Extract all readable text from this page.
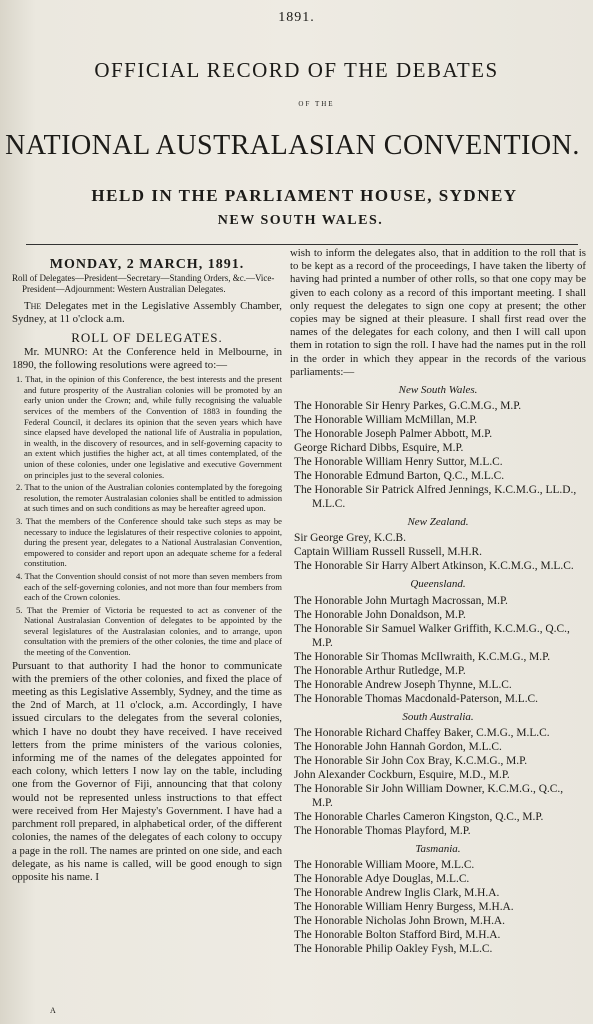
1891.
OFFICIAL RECORD OF THE DEBATES
OF THE
NATIONAL AUSTRALASIAN CONVENTION.
HELD IN THE PARLIAMENT HOUSE, SYDNEY
NEW SOUTH WALES.
MONDAY, 2 MARCH, 1891.
Roll of Delegates—President—Secretary—Standing Orders, &c.—Vice-President—Adjournment: Western Australian Delegates.
The Delegates met in the Legislative Assembly Chamber, Sydney, at 11 o'clock a.m.
ROLL OF DELEGATES.
Mr. MUNRO: At the Conference held in Melbourne, in 1890, the following resolutions were agreed to:—
1. That, in the opinion of this Conference, the best interests and the present and future prosperity of the Australian colonies will be promoted by an early union under the Crown; and, while fully recognising the valuable services of the members of the Convention of 1883 in founding the Federal Council, it declares its opinion that the seven years which have since elapsed have developed the national life of Australia in population, in wealth, in the discovery of resources, and in self-governing capacity to an extent which justifies the higher act, at all times contemplated, of the union of these colonies, under one legislative and executive Government on principles just to the several colonies.
2. That to the union of the Australian colonies contemplated by the foregoing resolution, the remoter Australasian colonies shall be entitled to admission at such times and on such conditions as may be hereafter agreed upon.
3. That the members of the Conference should take such steps as may be necessary to induce the legislatures of their respective colonies to appoint, during the present year, delegates to a National Australasian Convention, empowered to consider and report upon an adequate scheme for a federal constitution.
4. That the Convention should consist of not more than seven members from each of the self-governing colonies, and not more than four members from each of the Crown colonies.
5. That the Premier of Victoria be requested to act as convener of the National Australasian Convention of delegates to be appointed by the several legislatures of the Australasian colonies, and to arrange, upon consultation with the premiers of the other colonies, the time and place of the meeting of the Convention.
Pursuant to that authority I had the honor to communicate with the premiers of the other colonies, and fixed the place of meeting as this Legislative Assembly, Sydney, and the time as the 2nd of March, at 11 o'clock, a.m. Accordingly, I have issued circulars to the delegates from the several colonies, which I have no doubt they have received. I have received letters from the prime ministers of the various colonies, informing me of the names of the delegates appointed for each colony, which letters I now lay on the table, including one from the Governor of Fiji, announcing that that colony would not be represented unless instructions to that effect were received from Her Majesty's Government. I have had a parchment roll prepared, in alphabetical order, of the different colonies, the names of the delegates of each colony to occupy a page in the roll. The names are printed on one side, and each delegate, as his name is called, will be good enough to sign opposite his name. I
A
wish to inform the delegates also, that in addition to the roll that is to be kept as a record of the proceedings, I have taken the liberty of having had printed a number of other rolls, so that one copy may be given to each colony as a record of this important meeting. I shall only request the delegates to sign one copy at present; the other copies may be signed at their pleasure. I shall first read over the names of the delegates for each colony, and then I will call upon them in rotation to sign the roll. I have had the names put in the roll in the order in which they appear in the records of the various parliaments:—
New South Wales.
The Honorable Sir Henry Parkes, G.C.M.G., M.P.
The Honorable William McMillan, M.P.
The Honorable Joseph Palmer Abbott, M.P.
George Richard Dibbs, Esquire, M.P.
The Honorable William Henry Suttor, M.L.C.
The Honorable Edmund Barton, Q.C., M.L.C.
The Honorable Sir Patrick Alfred Jennings, K.C.M.G., LL.D., M.L.C.
New Zealand.
Sir George Grey, K.C.B.
Captain William Russell Russell, M.H.R.
The Honorable Sir Harry Albert Atkinson, K.C.M.G., M.L.C.
Queensland.
The Honorable John Murtagh Macrossan, M.P.
The Honorable John Donaldson, M.P.
The Honorable Sir Samuel Walker Griffith, K.C.M.G., Q.C., M.P.
The Honorable Sir Thomas McIlwraith, K.C.M.G., M.P.
The Honorable Arthur Rutledge, M.P.
The Honorable Andrew Joseph Thynne, M.L.C.
The Honorable Thomas Macdonald-Paterson, M.L.C.
South Australia.
The Honorable Richard Chaffey Baker, C.M.G., M.L.C.
The Honorable John Hannah Gordon, M.L.C.
The Honorable Sir John Cox Bray, K.C.M.G., M.P.
John Alexander Cockburn, Esquire, M.D., M.P.
The Honorable Sir John William Downer, K.C.M.G., Q.C., M.P.
The Honorable Charles Cameron Kingston, Q.C., M.P.
The Honorable Thomas Playford, M.P.
Tasmania.
The Honorable William Moore, M.L.C.
The Honorable Adye Douglas, M.L.C.
The Honorable Andrew Inglis Clark, M.H.A.
The Honorable William Henry Burgess, M.H.A.
The Honorable Nicholas John Brown, M.H.A.
The Honorable Bolton Stafford Bird, M.H.A.
The Honorable Philip Oakley Fysh, M.L.C.
